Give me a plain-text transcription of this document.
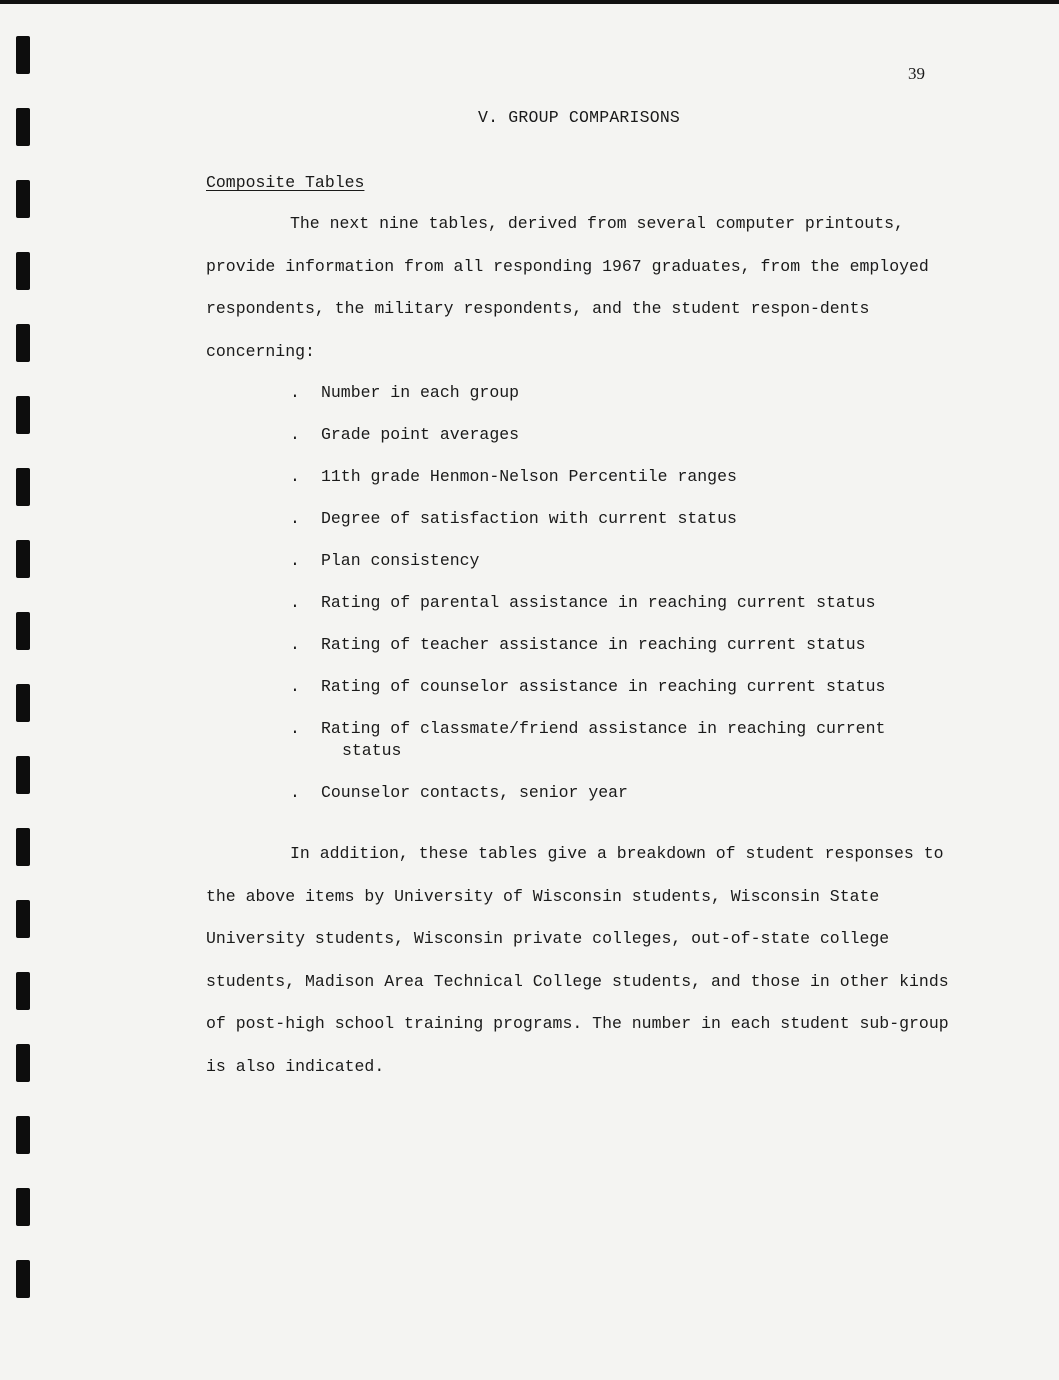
39
V. GROUP COMPARISONS
Composite Tables

The next nine tables, derived from several computer printouts, provide information from all responding 1967 graduates, from the employed respondents, the military respondents, and the student respon-dents concerning:

. Number in each group
. Grade point averages
. 11th grade Henmon-Nelson Percentile ranges
. Degree of satisfaction with current status
. Plan consistency
. Rating of parental assistance in reaching current status
. Rating of teacher assistance in reaching current status
. Rating of counselor assistance in reaching current status
. Rating of classmate/friend assistance in reaching current status
. Counselor contacts, senior year

In addition, these tables give a breakdown of student responses to the above items by University of Wisconsin students, Wisconsin State University students, Wisconsin private colleges, out-of-state college students, Madison Area Technical College students, and those in other kinds of post-high school training programs. The number in each student sub-group is also indicated.
